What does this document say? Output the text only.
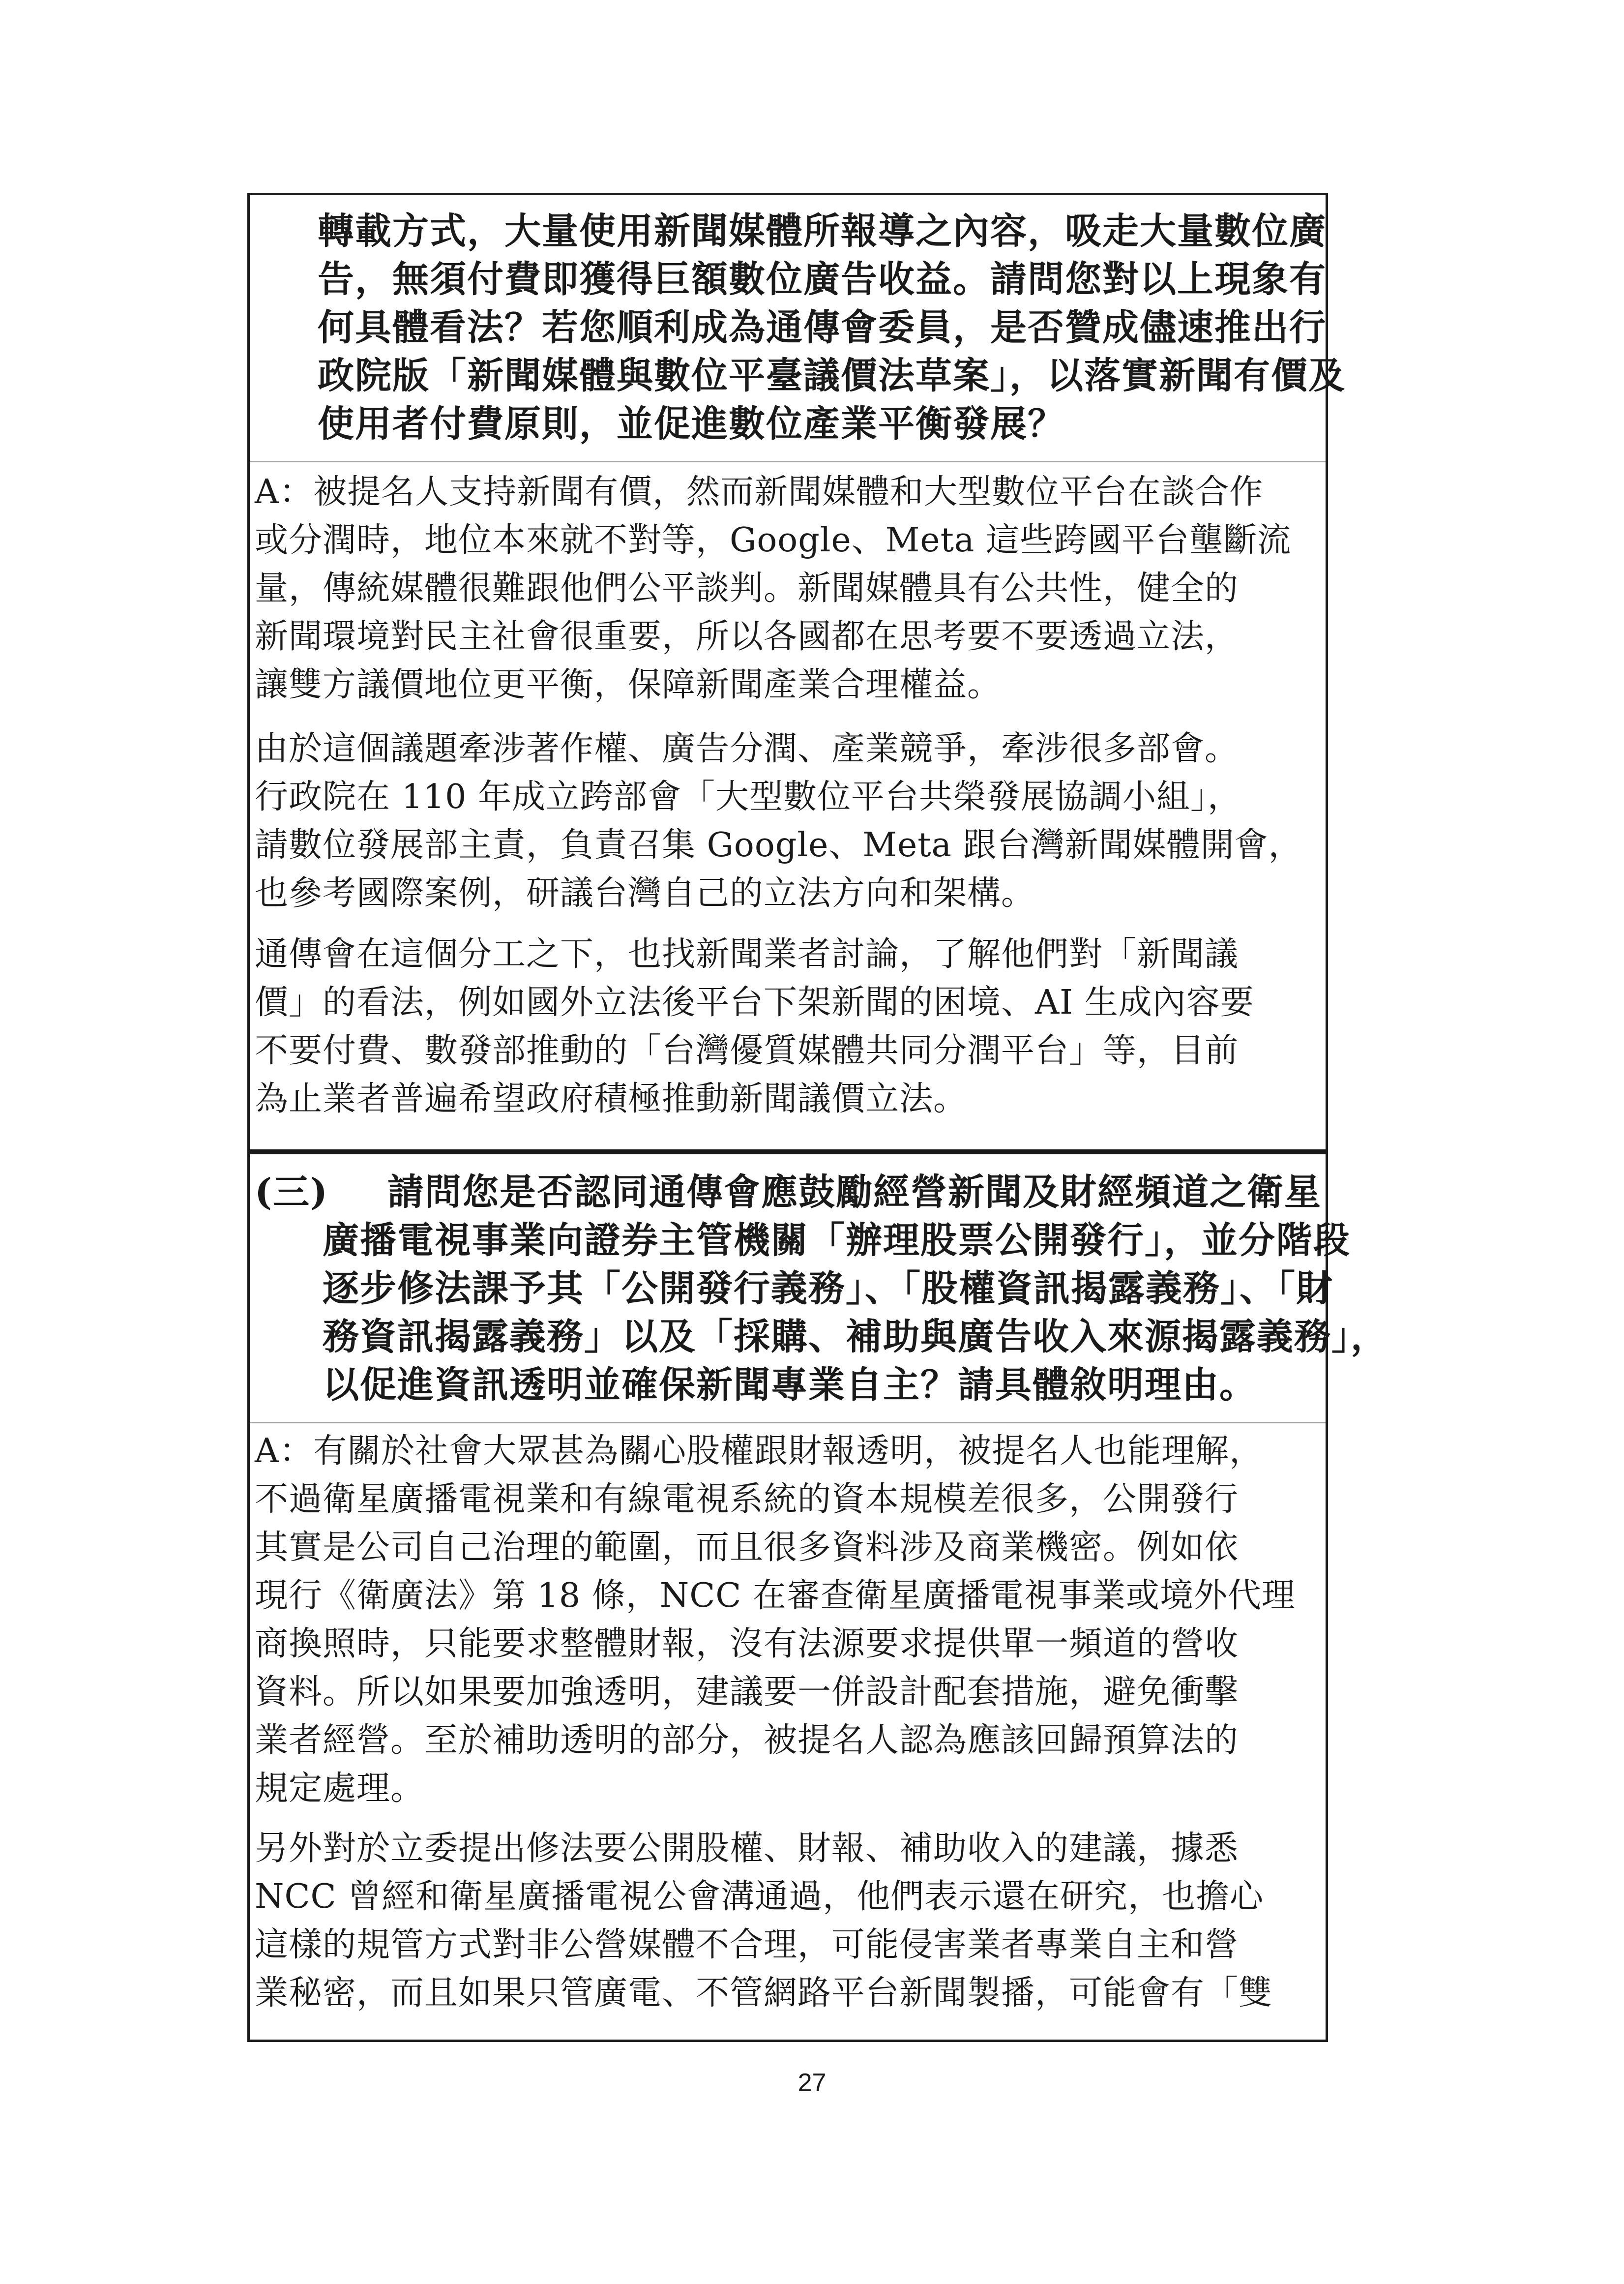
轉載方式，大量使用新聞媒體所報導之內容，吸走大量數位廣
告，無須付費即獲得巨額數位廣告收益。請問您對以上現象有
何具體看法？若您順利成為通傳會委員，是否贊成儘速推出行
政院版「新聞媒體與數位平臺議價法草案」，以落實新聞有價及
使用者付費原則，並促進數位產業平衡發展？
A：被提名人支持新聞有價，然而新聞媒體和大型數位平台在談合作
或分潤時，地位本來就不對等，Google、Meta 這些跨國平台壟斷流
量，傳統媒體很難跟他們公平談判。新聞媒體具有公共性，健全的
新聞環境對民主社會很重要，所以各國都在思考要不要透過立法，
讓雙方議價地位更平衡，保障新聞產業合理權益。
由於這個議題牽涉著作權、廣告分潤、產業競爭，牽涉很多部會。
行政院在 110 年成立跨部會「大型數位平台共榮發展協調小組」，
請數位發展部主責，負責召集 Google、Meta 跟台灣新聞媒體開會，
也參考國際案例，研議台灣自己的立法方向和架構。
通傳會在這個分工之下，也找新聞業者討論，了解他們對「新聞議
價」的看法，例如國外立法後平台下架新聞的困境、AI 生成內容要
不要付費、數發部推動的「台灣優質媒體共同分潤平台」等，目前
為止業者普遍希望政府積極推動新聞議價立法。
(三) 請問您是否認同通傳會應鼓勵經營新聞及財經頻道之衛星
廣播電視事業向證券主管機關「辦理股票公開發行」，並分階段
逐步修法課予其「公開發行義務」、「股權資訊揭露義務」、「財
務資訊揭露義務」以及「採購、補助與廣告收入來源揭露義務」，
以促進資訊透明並確保新聞專業自主？請具體敘明理由。
A：有關於社會大眾甚為關心股權跟財報透明，被提名人也能理解，
不過衛星廣播電視業和有線電視系統的資本規模差很多，公開發行
其實是公司自己治理的範圍，而且很多資料涉及商業機密。例如依
現行《衛廣法》第 18 條，NCC 在審查衛星廣播電視事業或境外代理
商換照時，只能要求整體財報，沒有法源要求提供單一頻道的營收
資料。所以如果要加強透明，建議要一併設計配套措施，避免衝擊
業者經營。至於補助透明的部分，被提名人認為應該回歸預算法的
規定處理。
另外對於立委提出修法要公開股權、財報、補助收入的建議，據悉
NCC 曾經和衛星廣播電視公會溝通過，他們表示還在研究，也擔心
這樣的規管方式對非公營媒體不合理，可能侵害業者專業自主和營
業秘密，而且如果只管廣電、不管網路平台新聞製播，可能會有「雙
27
